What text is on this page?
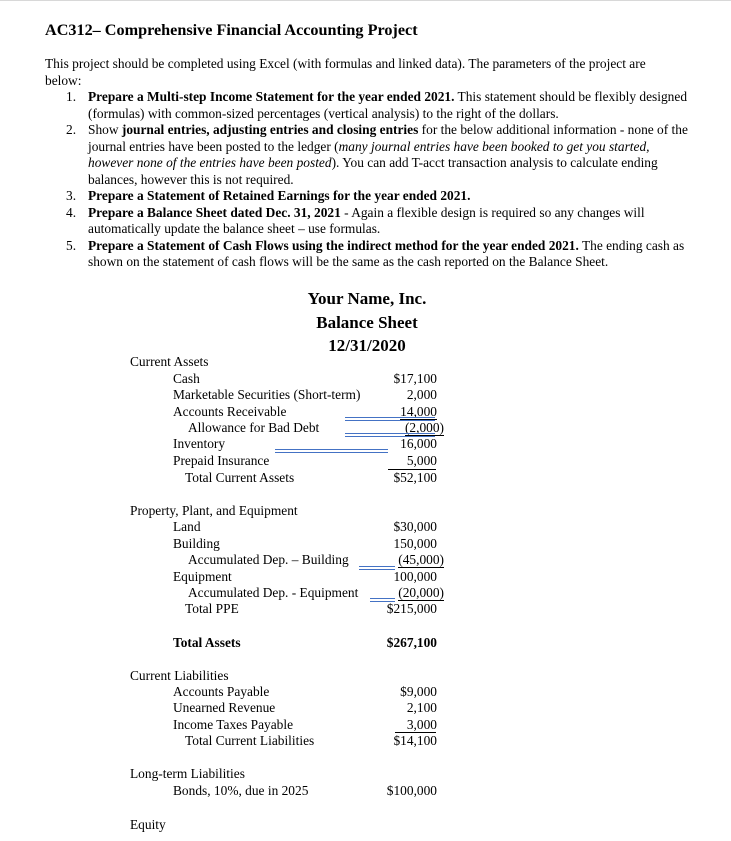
AC312– Comprehensive Financial Accounting Project
This project should be completed using Excel (with formulas and linked data). The parameters of the project are below:
1. Prepare a Multi-step Income Statement for the year ended 2021. This statement should be flexibly designed (formulas) with common-sized percentages (vertical analysis) to the right of the dollars.
2. Show journal entries, adjusting entries and closing entries for the below additional information - none of the journal entries have been posted to the ledger (many journal entries have been booked to get you started, however none of the entries have been posted). You can add T-acct transaction analysis to calculate ending balances, however this is not required.
3. Prepare a Statement of Retained Earnings for the year ended 2021.
4. Prepare a Balance Sheet dated Dec. 31, 2021 - Again a flexible design is required so any changes will automatically update the balance sheet – use formulas.
5. Prepare a Statement of Cash Flows using the indirect method for the year ended 2021. The ending cash as shown on the statement of cash flows will be the same as the cash reported on the Balance Sheet.
Your Name, Inc.
Balance Sheet
12/31/2020
Current Assets
Cash	$17,100
Marketable Securities (Short-term)	2,000
Accounts Receivable	14,000
Allowance for Bad Debt	(2,000)
Inventory	16,000
Prepaid Insurance	5,000
Total Current Assets	$52,100
Property, Plant, and Equipment
Land	$30,000
Building	150,000
Accumulated Dep. – Building	(45,000)
Equipment	100,000
Accumulated Dep. - Equipment	(20,000)
Total PPE	$215,000
Total Assets	$267,100
Current Liabilities
Accounts Payable	$9,000
Unearned Revenue	2,100
Income Taxes Payable	3,000
Total Current Liabilities	$14,100
Long-term Liabilities
Bonds, 10%, due in 2025	$100,000
Equity
